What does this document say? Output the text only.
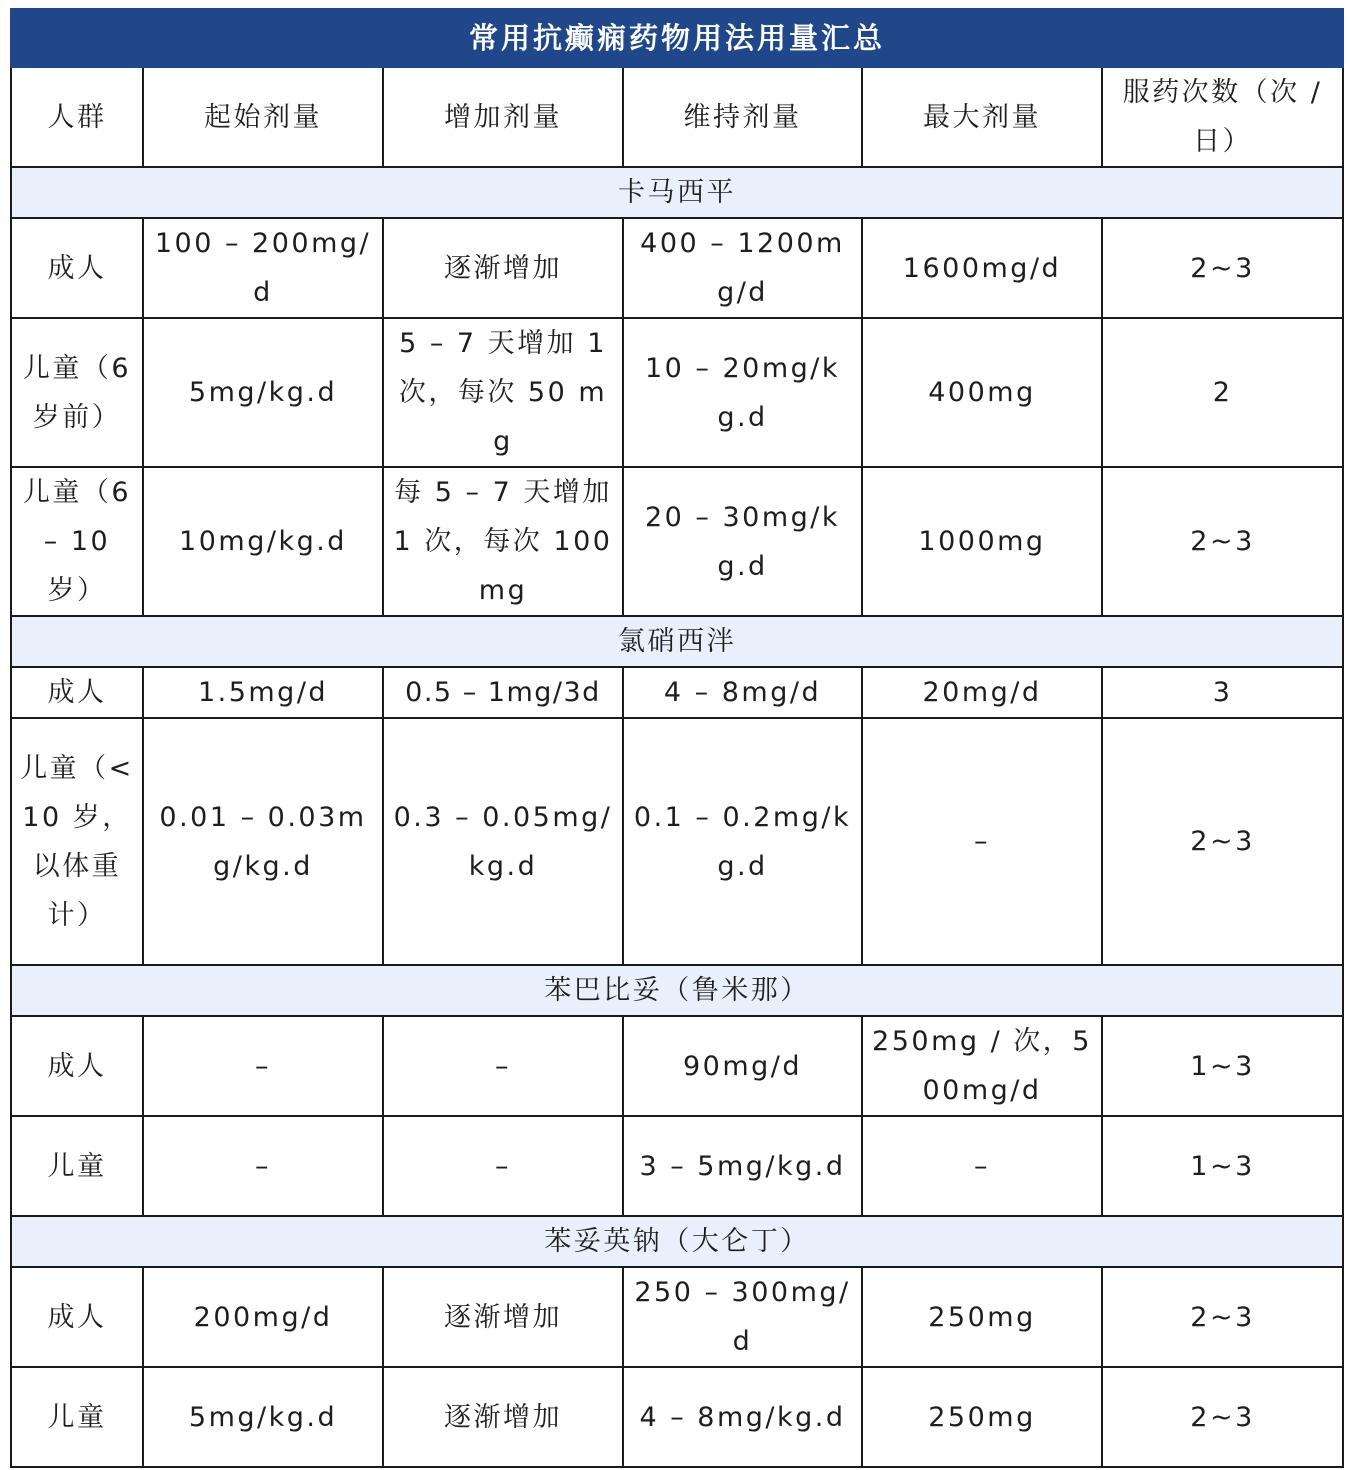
常用抗癫痫药物用法用量汇总					
人群	起始剂量	增加剂量	维持剂量	最大剂量	服药次数（次 / 日）
卡马西平					
成人	100 – 200mg/d	逐渐增加	400 – 1200mg/d	1600mg/d	2~3
儿童（6 岁前）	5mg/kg.d	5 – 7 天增加 1 次，每次 50 mg	10 – 20mg/kg.d	400mg	2
儿童（6 – 10 岁）	10mg/kg.d	每 5 – 7 天增加 1 次，每次 100mg	20 – 30mg/kg.d	1000mg	2~3
氯硝西泮					
成人	1.5mg/d	0.5 – 1mg/3d	4 – 8mg/d	20mg/d	3
儿童（<10 岁，以体重计）	0.01 – 0.03mg/kg.d	0.3 – 0.05mg/kg.d	0.1 – 0.2mg/kg.d	–	2~3
苯巴比妥（鲁米那）					
成人	–	–	90mg/d	250mg / 次，500mg/d	1~3
儿童	–	–	3 – 5mg/kg.d	–	1~3
苯妥英钠（大仑丁）					
成人	200mg/d	逐渐增加	250 – 300mg/d	250mg	2~3
儿童	5mg/kg.d	逐渐增加	4 – 8mg/kg.d	250mg	2~3
